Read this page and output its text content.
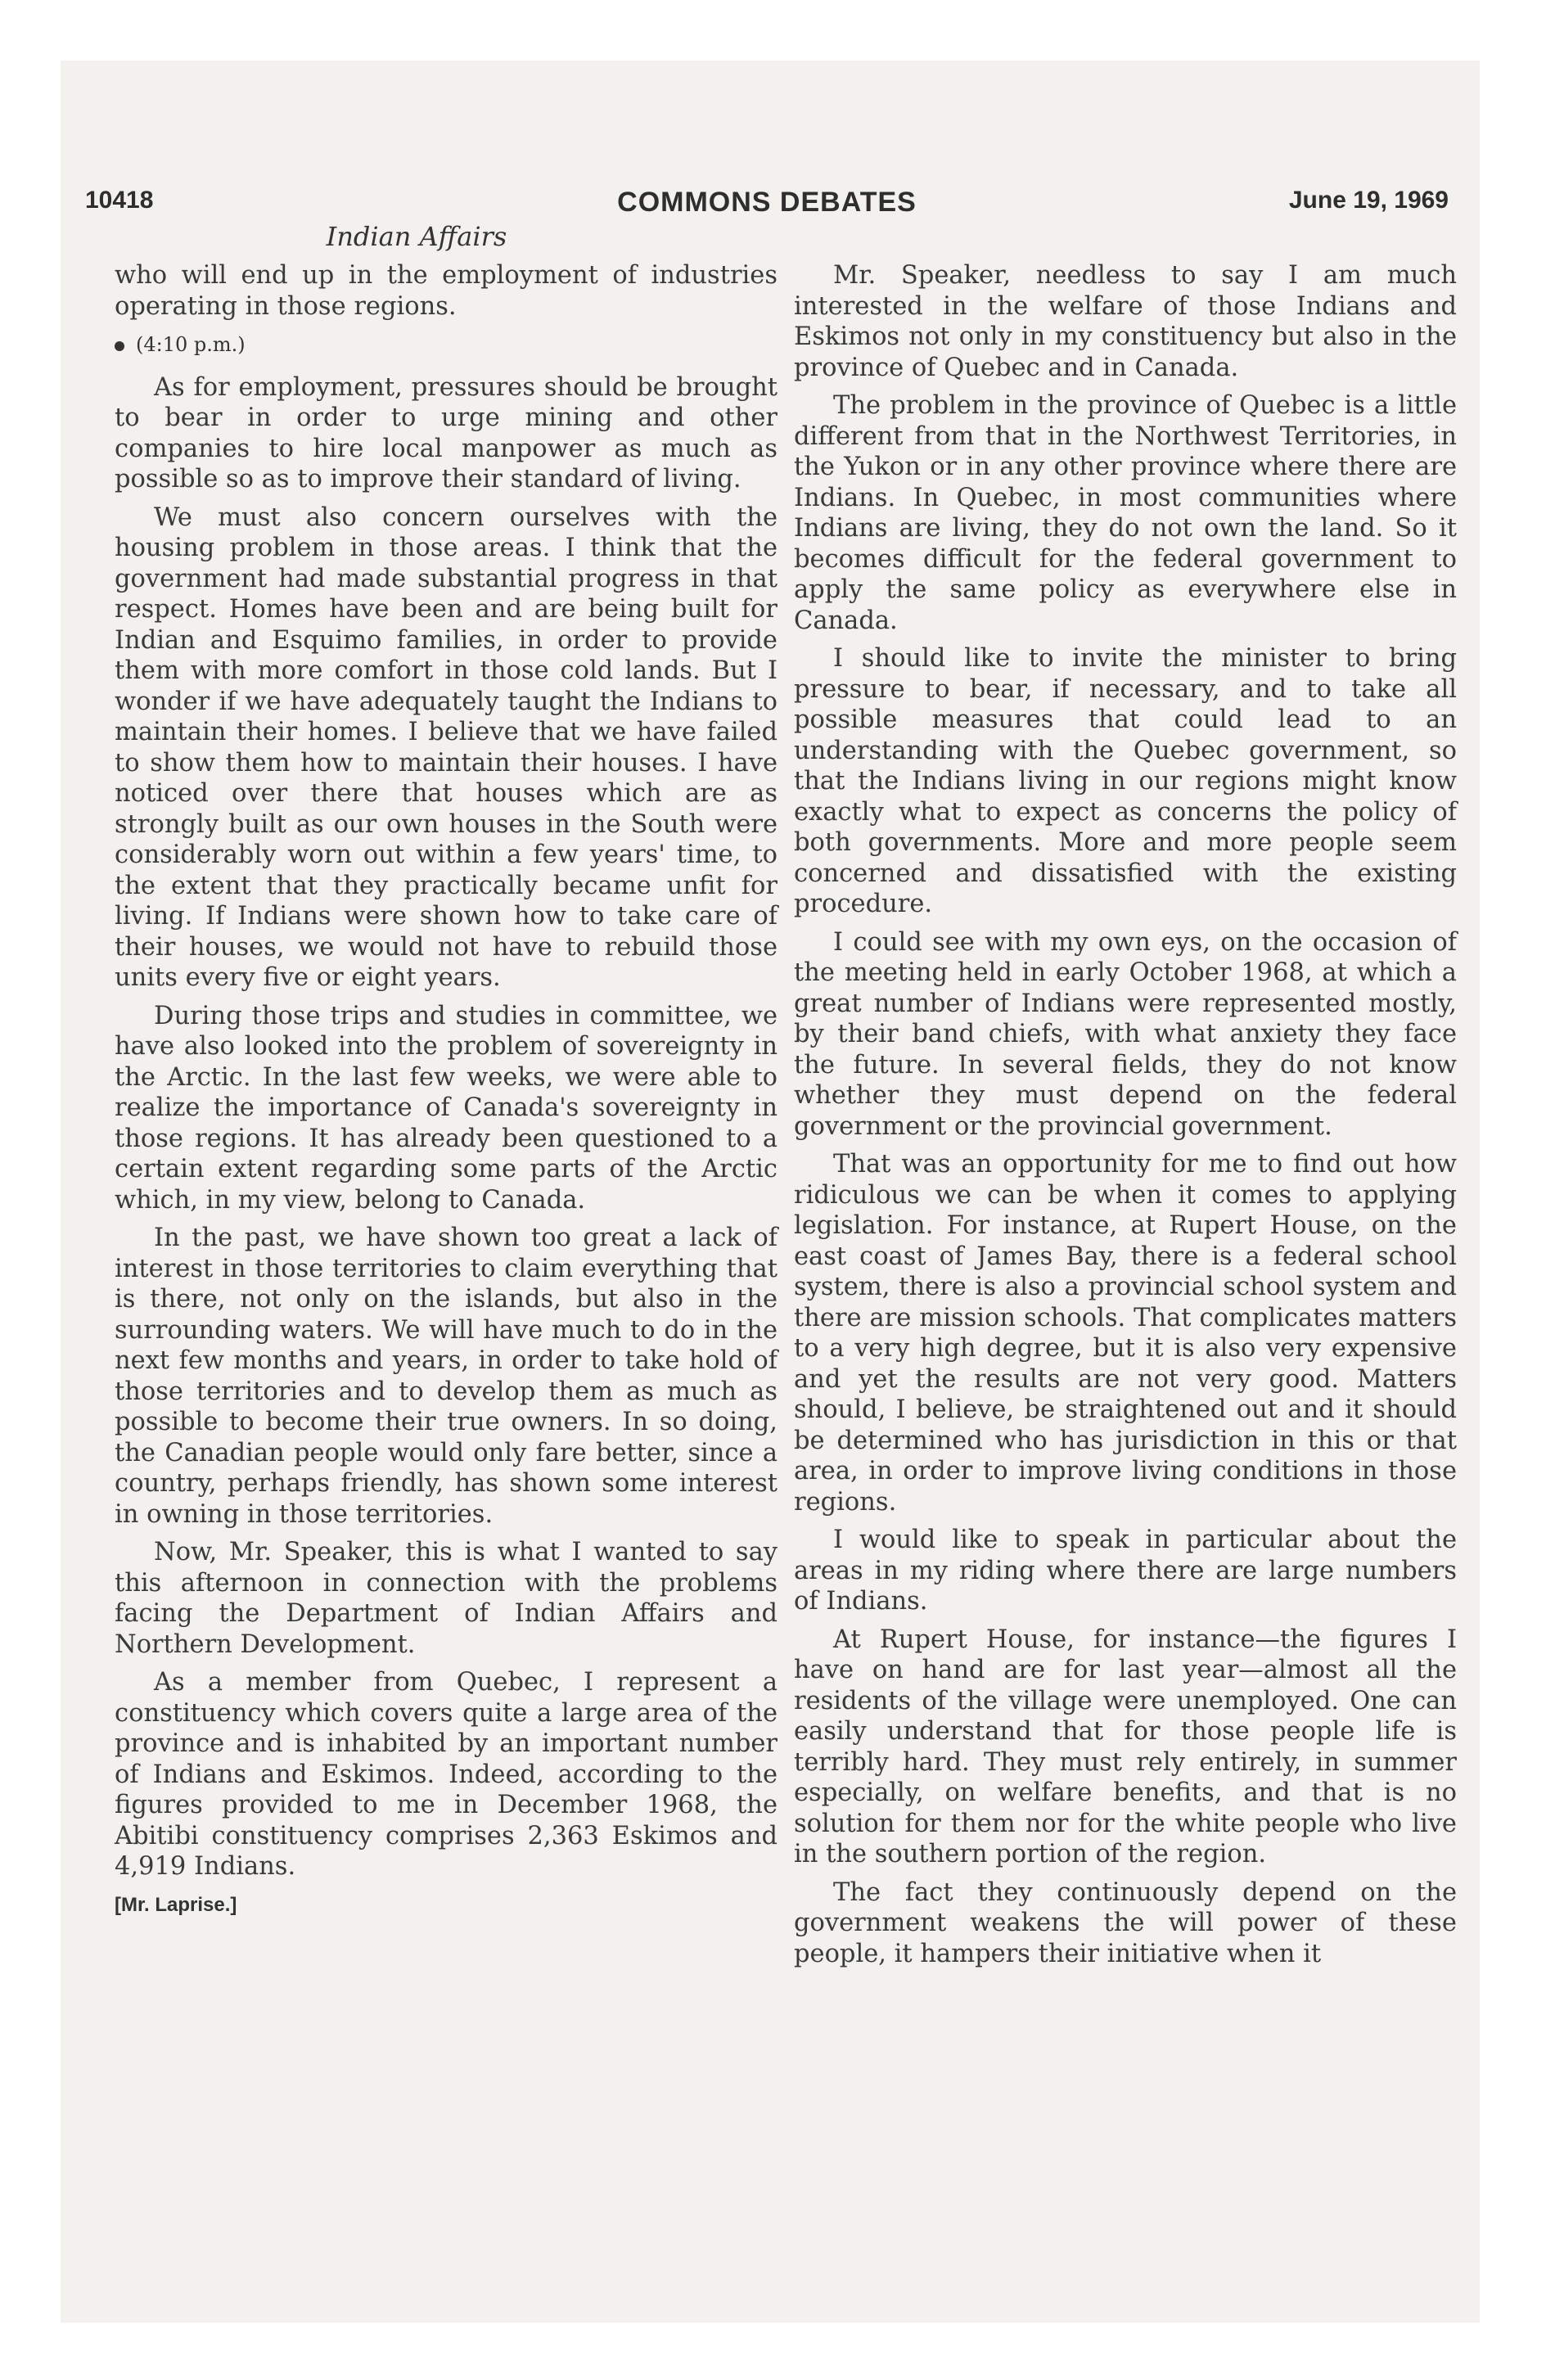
10418	COMMONS DEBATES	June 19, 1969
Indian Affairs

who will end up in the employment of industries operating in those regions.

(4:10 p.m.)

As for employment, pressures should be brought to bear in order to urge mining and other companies to hire local manpower as much as possible so as to improve their standard of living.

We must also concern ourselves with the housing problem in those areas. I think that the government had made substantial progress in that respect. Homes have been and are being built for Indian and Esquimo families, in order to provide them with more comfort in those cold lands. But I wonder if we have adequately taught the Indians to maintain their homes. I believe that we have failed to show them how to maintain their houses. I have noticed over there that houses which are as strongly built as our own houses in the South were considerably worn out within a few years' time, to the extent that they practically became unfit for living. If Indians were shown how to take care of their houses, we would not have to rebuild those units every five or eight years.

During those trips and studies in committee, we have also looked into the problem of sovereignty in the Arctic. In the last few weeks, we were able to realize the importance of Canada's sovereignty in those regions. It has already been questioned to a certain extent regarding some parts of the Arctic which, in my view, belong to Canada.

In the past, we have shown too great a lack of interest in those territories to claim everything that is there, not only on the islands, but also in the surrounding waters. We will have much to do in the next few months and years, in order to take hold of those territories and to develop them as much as possible to become their true owners. In so doing, the Canadian people would only fare better, since a country, perhaps friendly, has shown some interest in owning in those territories.

Now, Mr. Speaker, this is what I wanted to say this afternoon in connection with the problems facing the Department of Indian Affairs and Northern Development.

As a member from Quebec, I represent a constituency which covers quite a large area of the province and is inhabited by an important number of Indians and Eskimos. Indeed, according to the figures provided to me in December 1968, the Abitibi constituency comprises 2,363 Eskimos and 4,919 Indians.

[Mr. Laprise.]

Mr. Speaker, needless to say I am much interested in the welfare of those Indians and Eskimos not only in my constituency but also in the province of Quebec and in Canada.

The problem in the province of Quebec is a little different from that in the Northwest Territories, in the Yukon or in any other province where there are Indians. In Quebec, in most communities where Indians are living, they do not own the land. So it becomes difficult for the federal government to apply the same policy as everywhere else in Canada.

I should like to invite the minister to bring pressure to bear, if necessary, and to take all possible measures that could lead to an understanding with the Quebec government, so that the Indians living in our regions might know exactly what to expect as concerns the policy of both governments. More and more people seem concerned and dissatisfied with the existing procedure.

I could see with my own eys, on the occasion of the meeting held in early October 1968, at which a great number of Indians were represented mostly, by their band chiefs, with what anxiety they face the future. In several fields, they do not know whether they must depend on the federal government or the provincial government.

That was an opportunity for me to find out how ridiculous we can be when it comes to applying legislation. For instance, at Rupert House, on the east coast of James Bay, there is a federal school system, there is also a provincial school system and there are mission schools. That complicates matters to a very high degree, but it is also very expensive and yet the results are not very good. Matters should, I believe, be straightened out and it should be determined who has jurisdiction in this or that area, in order to improve living conditions in those regions.

I would like to speak in particular about the areas in my riding where there are large numbers of Indians.

At Rupert House, for instance—the figures I have on hand are for last year—almost all the residents of the village were unemployed. One can easily understand that for those people life is terribly hard. They must rely entirely, in summer especially, on welfare benefits, and that is no solution for them nor for the white people who live in the southern portion of the region.

The fact they continuously depend on the government weakens the will power of these people, it hampers their initiative when it
